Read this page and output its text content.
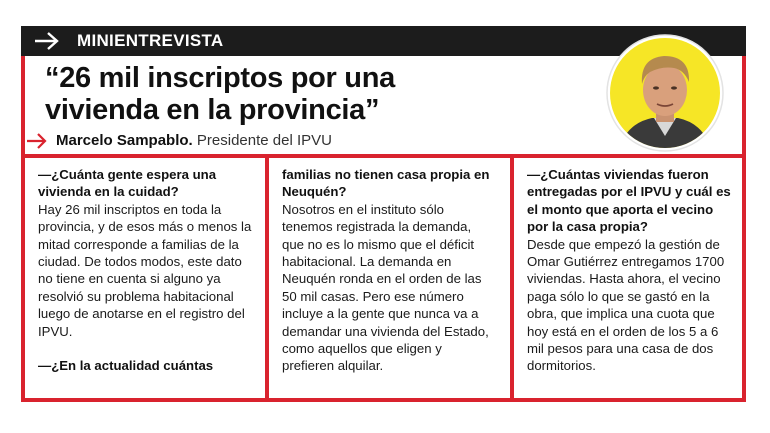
MINIENTREVISTA
“26 mil inscriptos por una
vivienda en la provincia”
Marcelo Sampablo. Presidente del IPVU

—¿Cuánta gente espera una vivienda en la cuidad?

Hay 26 mil inscriptos en toda la provincia, y de esos más o menos la mitad corresponde a familias de la ciudad. De todos modos, este dato no tiene en cuenta si alguno ya resolvió su problema habitacional luego de anotarse en el registro del IPVU.

—¿En la actualidad cuántas

familias no tienen casa propia en Neuquén?

Nosotros en el instituto sólo tenemos registrada la demanda, que no es lo mismo que el déficit habitacional. La demanda en Neuquén ronda en el orden de las 50 mil casas. Pero ese número incluye a la gente que nunca va a demandar una vivienda del Estado, como aquellos que eligen y prefieren alquilar.

—¿Cuántas viviendas fueron entregadas por el IPVU y cuál es el monto que aporta el vecino por la casa propia?

Desde que empezó la gestión de Omar Gutiérrez entregamos 1700 viviendas. Hasta ahora, el vecino paga sólo lo que se gastó en la obra, que implica una cuota que hoy está en el orden de los 5 a 6 mil pesos para una casa de dos dormitorios.
